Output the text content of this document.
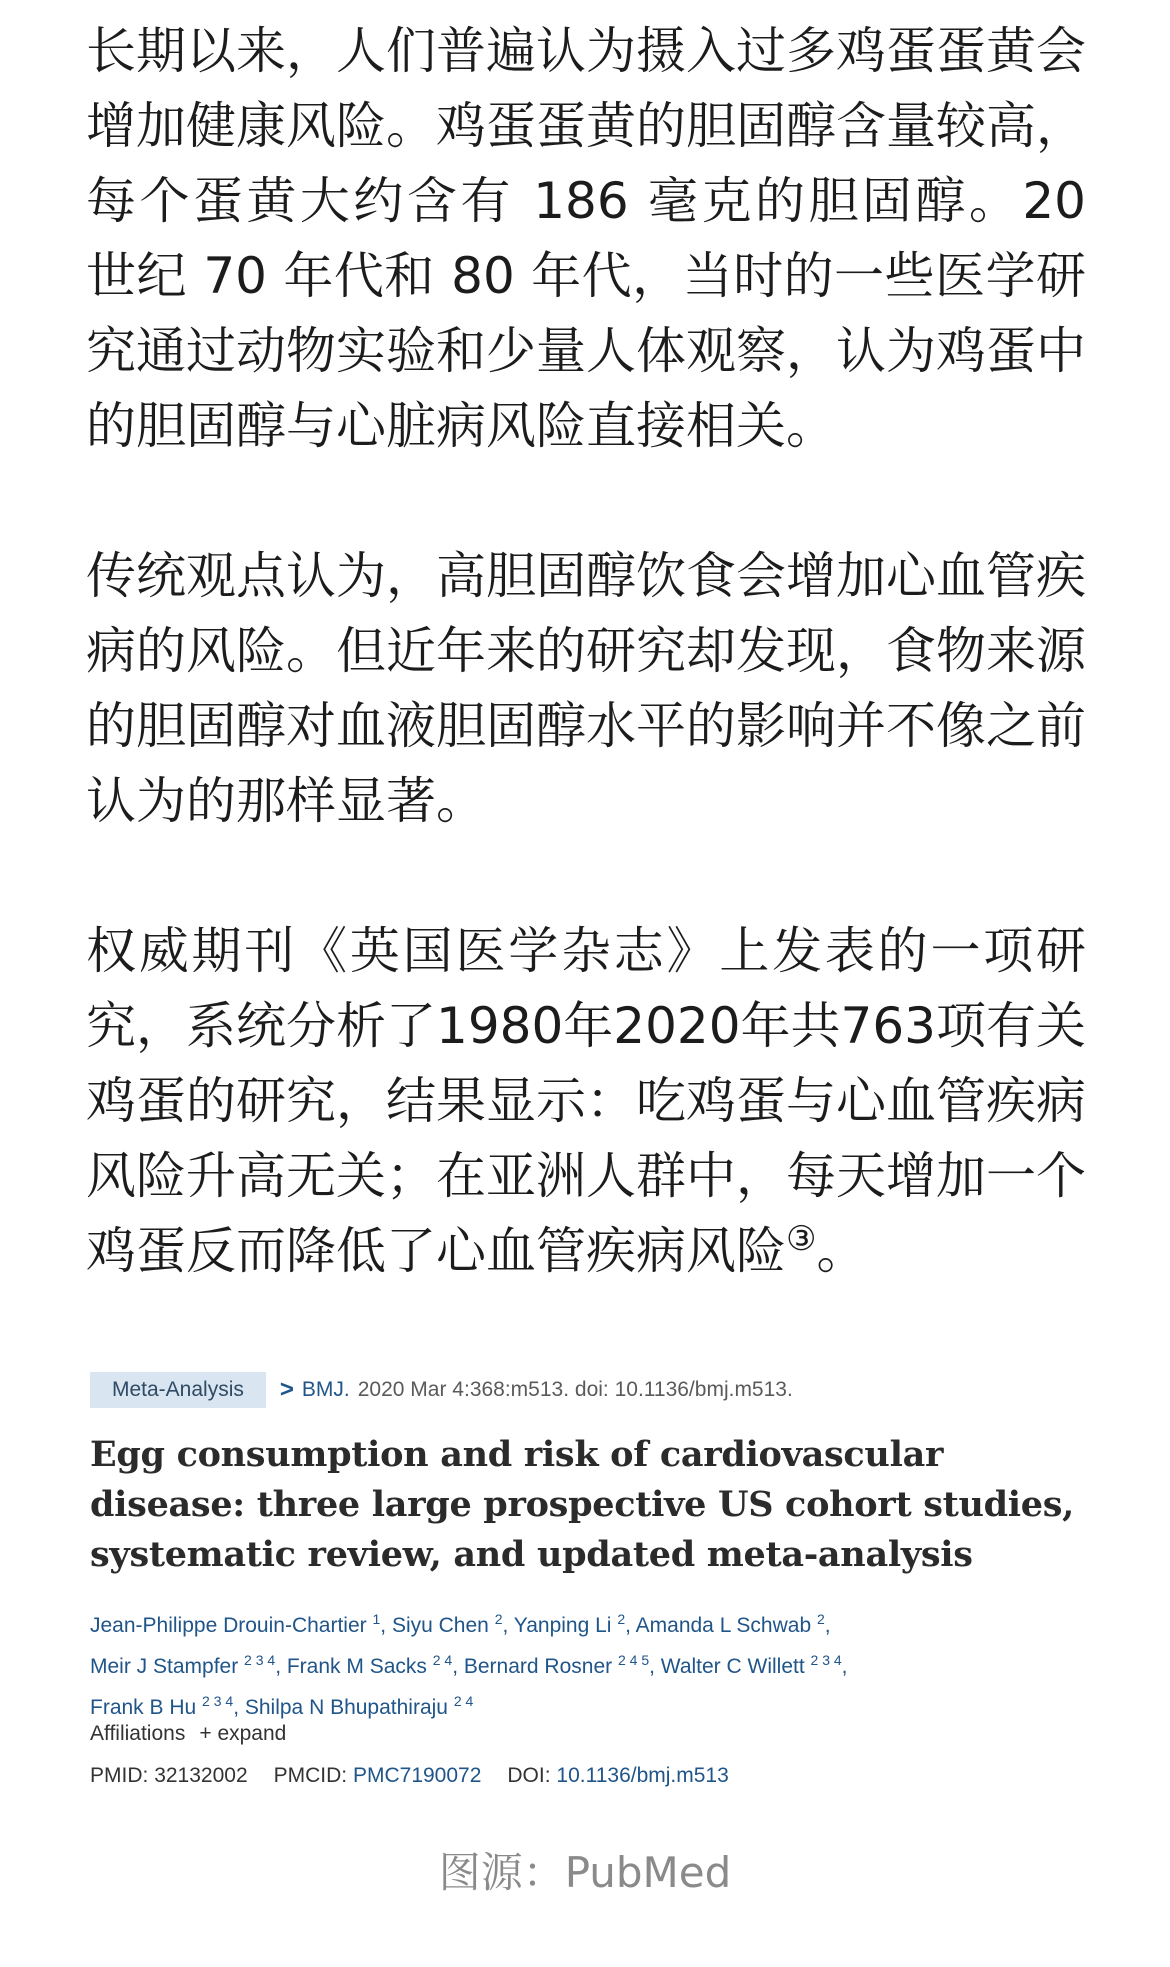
长期以来，人们普遍认为摄入过多鸡蛋蛋黄会增加健康风险。鸡蛋蛋黄的胆固醇含量较高，每个蛋黄大约含有 186 毫克的胆固醇。20 世纪 70 年代和 80 年代，当时的一些医学研究通过动物实验和少量人体观察，认为鸡蛋中的胆固醇与心脏病风险直接相关。

传统观点认为，高胆固醇饮食会增加心血管疾病的风险。但近年来的研究却发现，食物来源的胆固醇对血液胆固醇水平的影响并不像之前认为的那样显著。

权威期刊《英国医学杂志》上发表的一项研究，系统分析了1980年2020年共763项有关鸡蛋的研究，结果显示：吃鸡蛋与心血管疾病风险升高无关；在亚洲人群中，每天增加一个鸡蛋反而降低了心血管疾病风险③。

Meta-Analysis	> BMJ. 2020 Mar 4:368:m513. doi: 10.1136/bmj.m513.
Egg consumption and risk of cardiovascular disease: three large prospective US cohort studies, systematic review, and updated meta-analysis
Jean-Philippe Drouin-Chartier $^1$, Siyu Chen $^2$, Yanping Li $^2$, Amanda L Schwab $^2$,
Meir J Stampfer $^{2 3 4}$, Frank M Sacks $^{2 4}$, Bernard Rosner $^{2 4 5}$, Walter C Willett $^{2 3 4}$,
Frank B Hu $^{2 3 4}$, Shilpa N Bhupathiraju $^{2 4}$
Affiliations + expand
PMID: 32132002 PMCID: PMC7190072 DOI: 10.1136/bmj.m513
图源：PubMed
